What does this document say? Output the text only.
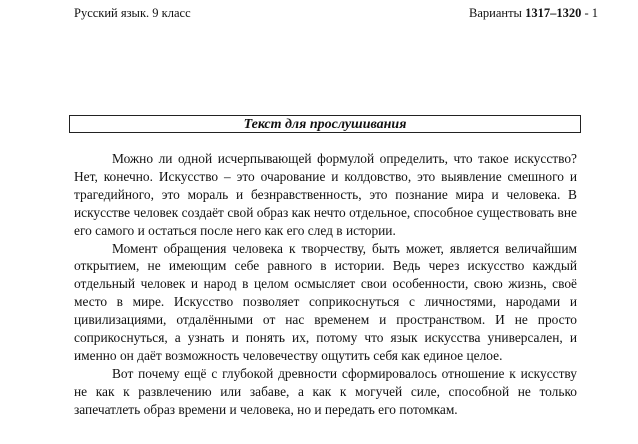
Русский язык. 9 класс	Варианты 1317–1320 - 1
Текст для прослушивания

Можно ли одной исчерпывающей формулой определить, что такое искусство? Нет, конечно. Искусство – это очарование и колдовство, это выявление смешного и трагедийного, это мораль и безнравственность, это познание мира и человека. В искусстве человек создаёт свой образ как нечто отдельное, способное существовать вне его самого и остаться после него как его след в истории.

Момент обращения человека к творчеству, быть может, является величайшим открытием, не имеющим себе равного в истории. Ведь через искусство каждый отдельный человек и народ в целом осмысляет свои особенности, свою жизнь, своё место в мире. Искусство позволяет соприкоснуться с личностями, народами и цивилизациями, отдалёнными от нас временем и пространством. И не просто соприкоснуться, а узнать и понять их, потому что язык искусства универсален, и именно он даёт возможность человечеству ощутить себя как единое целое.

Вот почему ещё с глубокой древности сформировалось отношение к искусству не как к развлечению или забаве, а как к могучей силе, способной не только запечатлеть образ времени и человека, но и передать его потомкам.
